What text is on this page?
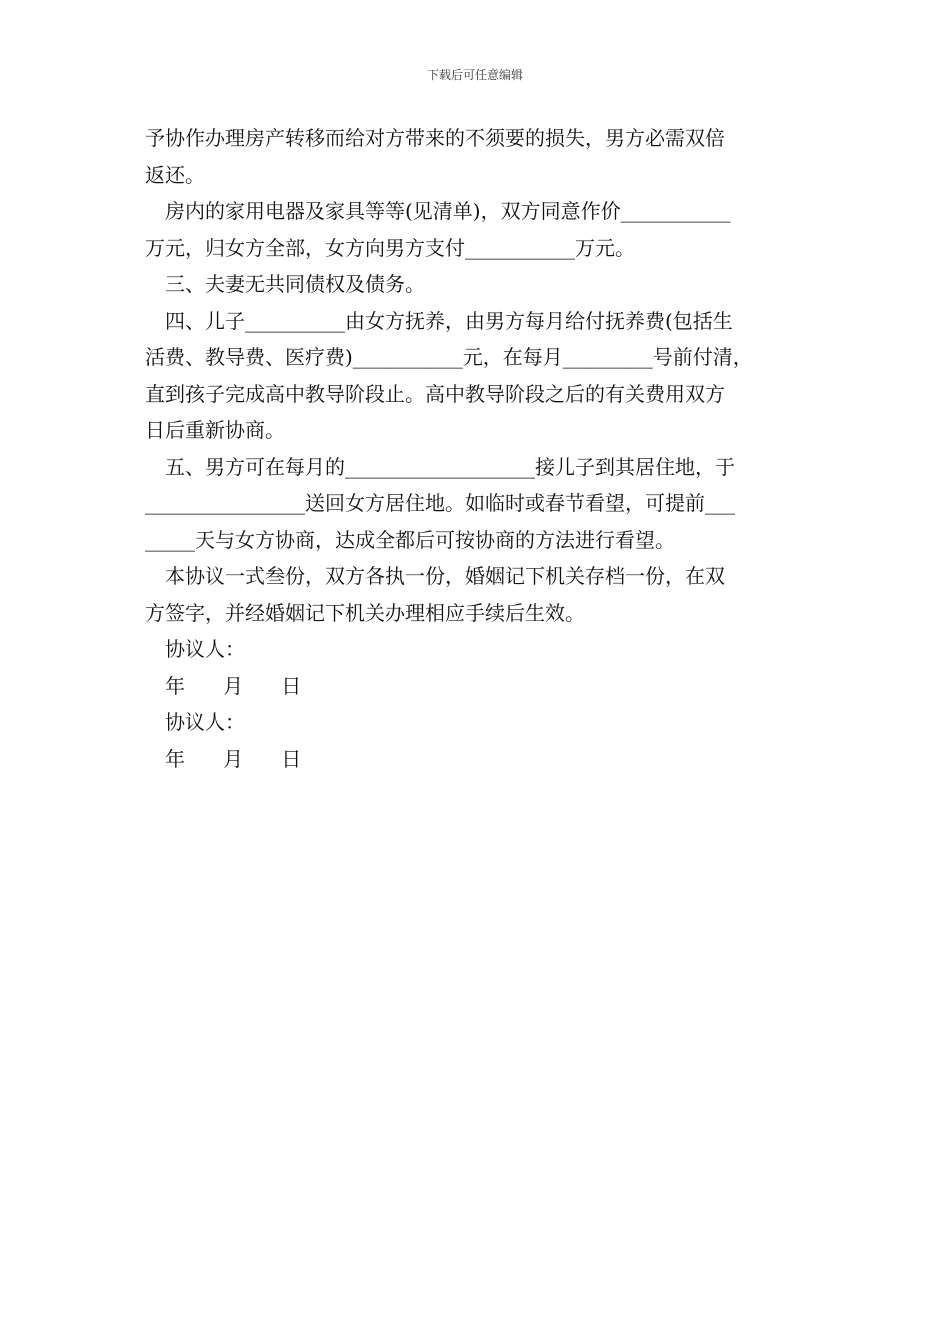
下载后可任意编辑

予协作办理房产转移而给对方带来的不须要的损失，男方必需双倍

返还。

房内的家用电器及家具等等(见清单)，双方同意作价___________

万元，归女方全部，女方向男方支付___________万元。

三、夫妻无共同债权及债务。

四、儿子__________由女方抚养，由男方每月给付抚养费(包括生

活费、教导费、医疗费)___________元，在每月_________号前付清，

直到孩子完成高中教导阶段止。高中教导阶段之后的有关费用双方

日后重新协商。

五、男方可在每月的___________________接儿子到其居住地，于

________________送回女方居住地。如临时或春节看望，可提前___

_____天与女方协商，达成全都后可按协商的方法进行看望。

本协议一式叁份，双方各执一份，婚姻记下机关存档一份，在双

方签字，并经婚姻记下机关办理相应手续后生效。

协议人：

年      月      日

协议人：

年      月      日
